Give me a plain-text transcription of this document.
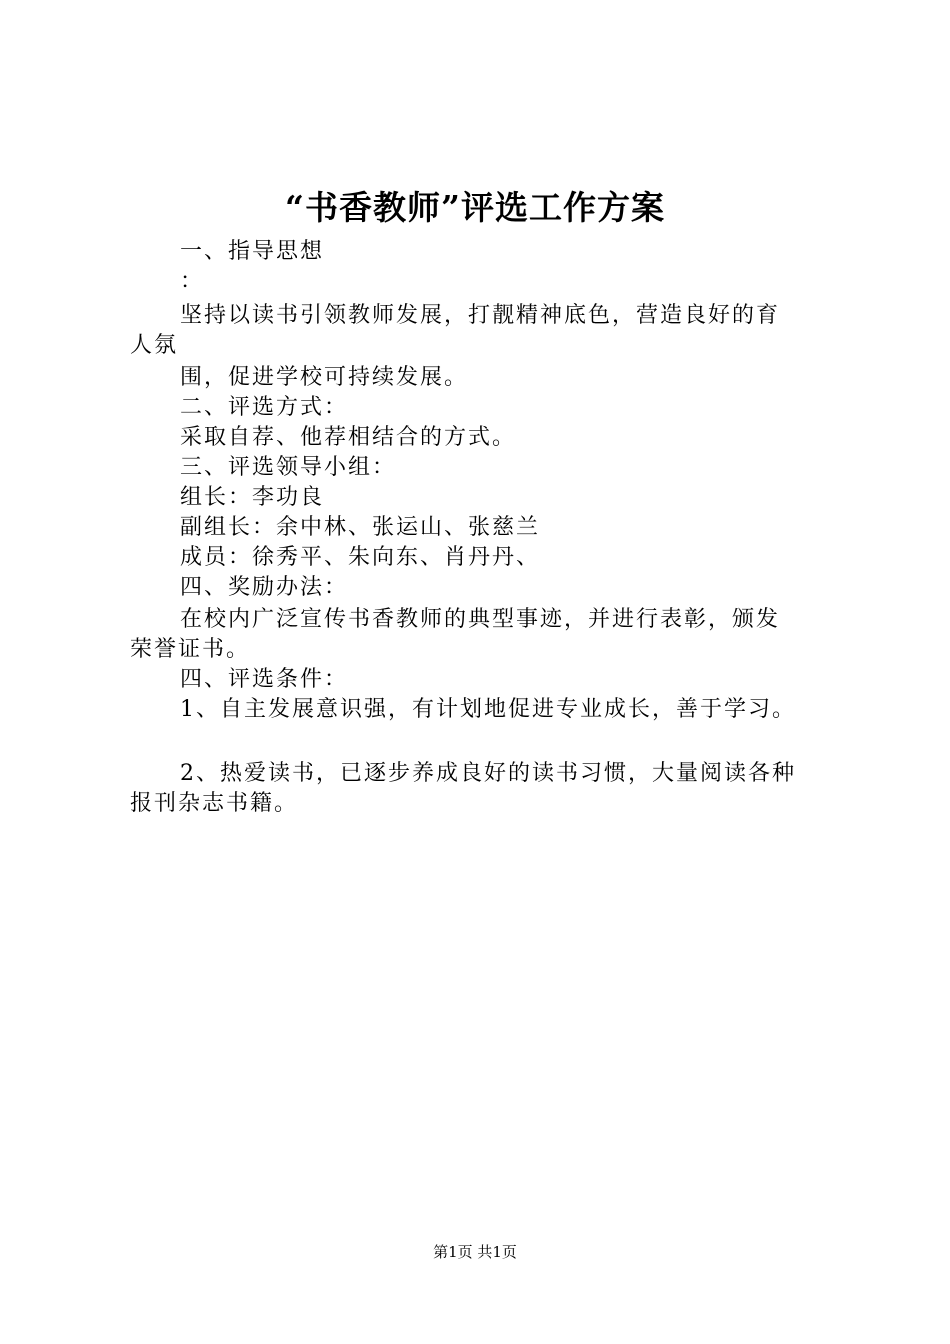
“书香教师”评选工作方案
一、指导思想
：
坚持以读书引领教师发展，打靓精神底色，营造良好的育
人氛
围，促进学校可持续发展。
二、评选方式：
采取自荐、他荐相结合的方式。
三、评选领导小组：
组长：李功良
副组长：余中林、张运山、张慈兰
成员：徐秀平、朱向东、肖丹丹、
四、奖励办法：
在校内广泛宣传书香教师的典型事迹，并进行表彰，颁发
荣誉证书。
四、评选条件：
1、自主发展意识强，有计划地促进专业成长，善于学习。
2、热爱读书，已逐步养成良好的读书习惯，大量阅读各种
报刊杂志书籍。
第1页 共1页
